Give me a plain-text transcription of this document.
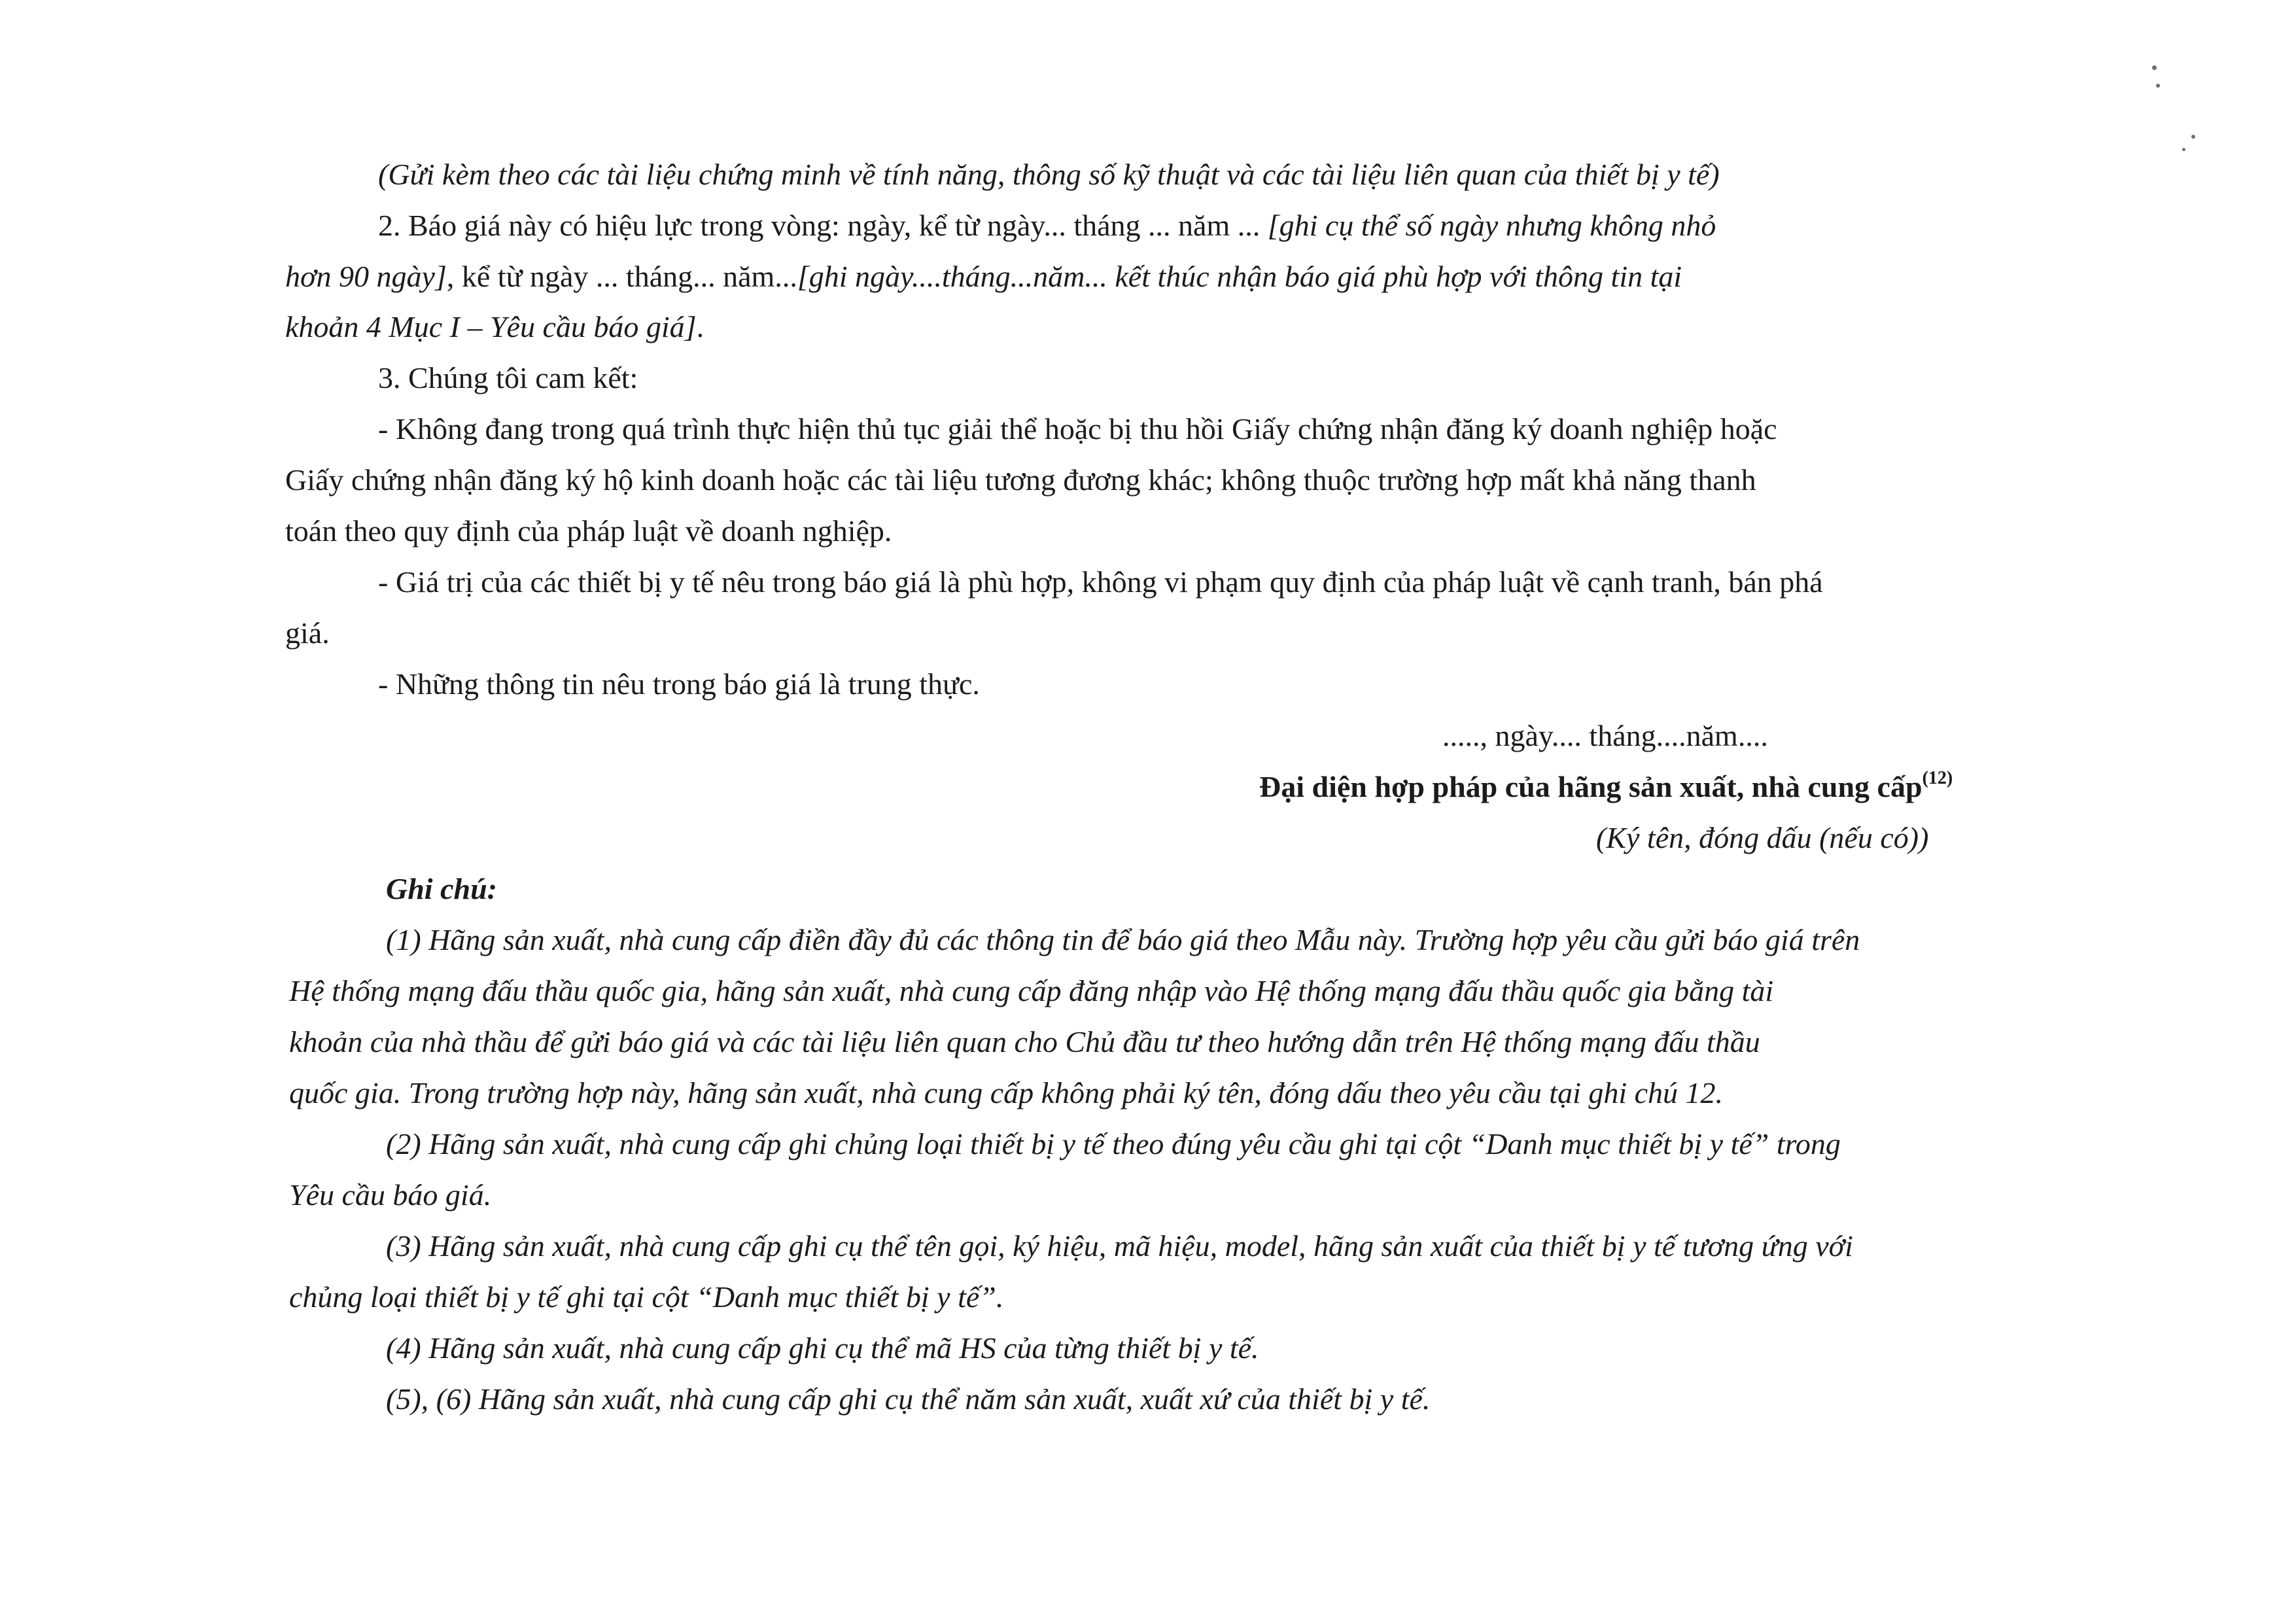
(Gửi kèm theo các tài liệu chứng minh về tính năng, thông số kỹ thuật và các tài liệu liên quan của thiết bị y tế)
2. Báo giá này có hiệu lực trong vòng: ngày, kể từ ngày... tháng ... năm ... [ghi cụ thể số ngày nhưng không nhỏ
hơn 90 ngày], kể từ ngày ... tháng... năm...[ghi ngày....tháng...năm... kết thúc nhận báo giá phù hợp với thông tin tại
khoản 4 Mục I – Yêu cầu báo giá].
3. Chúng tôi cam kết:
- Không đang trong quá trình thực hiện thủ tục giải thể hoặc bị thu hồi Giấy chứng nhận đăng ký doanh nghiệp hoặc
Giấy chứng nhận đăng ký hộ kinh doanh hoặc các tài liệu tương đương khác; không thuộc trường hợp mất khả năng thanh
toán theo quy định của pháp luật về doanh nghiệp.
- Giá trị của các thiết bị y tế nêu trong báo giá là phù hợp, không vi phạm quy định của pháp luật về cạnh tranh, bán phá
giá.
- Những thông tin nêu trong báo giá là trung thực.
....., ngày.... tháng....năm....
Đại diện hợp pháp của hãng sản xuất, nhà cung cấp$^{(12)}$
(Ký tên, đóng dấu (nếu có))
Ghi chú:
(1) Hãng sản xuất, nhà cung cấp điền đầy đủ các thông tin để báo giá theo Mẫu này. Trường hợp yêu cầu gửi báo giá trên
Hệ thống mạng đấu thầu quốc gia, hãng sản xuất, nhà cung cấp đăng nhập vào Hệ thống mạng đấu thầu quốc gia bằng tài
khoản của nhà thầu để gửi báo giá và các tài liệu liên quan cho Chủ đầu tư theo hướng dẫn trên Hệ thống mạng đấu thầu
quốc gia. Trong trường hợp này, hãng sản xuất, nhà cung cấp không phải ký tên, đóng dấu theo yêu cầu tại ghi chú 12.
(2) Hãng sản xuất, nhà cung cấp ghi chủng loại thiết bị y tế theo đúng yêu cầu ghi tại cột “Danh mục thiết bị y tế” trong
Yêu cầu báo giá.
(3) Hãng sản xuất, nhà cung cấp ghi cụ thể tên gọi, ký hiệu, mã hiệu, model, hãng sản xuất của thiết bị y tế tương ứng với
chủng loại thiết bị y tế ghi tại cột “Danh mục thiết bị y tế”.
(4) Hãng sản xuất, nhà cung cấp ghi cụ thể mã HS của từng thiết bị y tế.
(5), (6) Hãng sản xuất, nhà cung cấp ghi cụ thể năm sản xuất, xuất xứ của thiết bị y tế.
